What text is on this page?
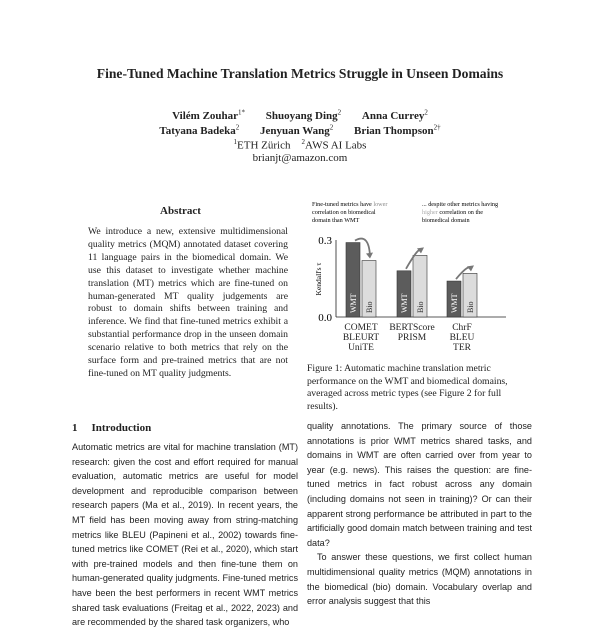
Fine-Tuned Machine Translation Metrics Struggle in Unseen Domains
Vilém Zouhar$^{1*}$ Shuoyang Ding$^2$ Anna Currey$^2$
Tatyana Badeka$^2$ Jenyuan Wang$^2$ Brian Thompson$^{2\dagger}$
$^1$ETH Zürich $^2$AWS AI Labs
brianjt@amazon.com
Abstract
We introduce a new, extensive multidimensional quality metrics (MQM) annotated dataset covering 11 language pairs in the biomedical domain. We use this dataset to investigate whether machine translation (MT) metrics which are fine-tuned on human-generated MT quality judgements are robust to domain shifts between training and inference. We find that fine-tuned metrics exhibit a substantial performance drop in the unseen domain scenario relative to both metrics that rely on the surface form and pre-trained metrics that are not fine-tuned on MT quality judgments.
1 Introduction
Automatic metrics are vital for machine translation (MT) research: given the cost and effort required for manual evaluation, automatic metrics are useful for model development and reproducible comparison between research papers (Ma et al., 2019). In recent years, the MT field has been moving away from string-matching metrics like BLEU (Papineni et al., 2002) towards fine-tuned metrics like COMET (Rei et al., 2020), which start with pre-trained models and then fine-tune them on human-generated quality judgments. Fine-tuned metrics have been the best performers in recent WMT metrics shared task evaluations (Freitag et al., 2022, 2023) and are recommended by the shared task organizers, who

quality annotations. The primary source of those annotations is prior WMT metrics shared tasks, and domains in WMT are often carried over from year to year (e.g. news). This raises the question: are fine-tuned metrics in fact robust across any domain (including domains not seen in training)? Or can their apparent strong performance be attributed in part to the artificially good domain match between training and test data?

To answer these questions, we first collect human multidimensional quality metrics (MQM) annotations in the biomedical (bio) domain. Vocabulary overlap and error analysis suggest that this

Fine-tuned metrics have lower
correlation on biomedical
domain than WMT
... despite other metrics having
higher correlation on the
biomedical domain
0.3
0.0
Kendall's τ
WMT Bio	WMT Bio	WMT Bio
COMET
BLEURT
UniTE
BERTScore
PRISM
ChrF
BLEU
TER
Figure 1: Automatic machine translation metric performance on the WMT and biomedical domains, averaged across metric types (see Figure 2 for full results).
